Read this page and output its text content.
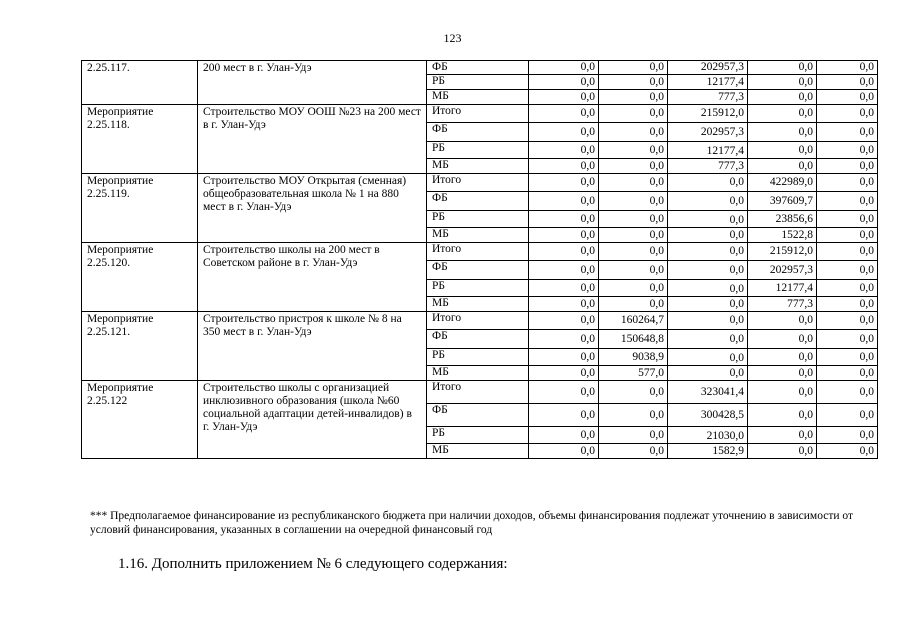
123
2.25.117.	200 мест в г. Улан-Удэ	ФБ	0,0	0,0	202957,3	0,0	0,0
		РБ	0,0	0,0	12177,4	0,0	0,0
		МБ	0,0	0,0	777,3	0,0	0,0
Мероприятие 2.25.118.	Строительство МОУ ООШ №23 на 200 мест в г. Улан-Удэ	Итого	0,0	0,0	215912,0	0,0	0,0
		ФБ	0,0	0,0	202957,3	0,0	0,0
		РБ	0,0	0,0	12177,4	0,0	0,0
		МБ	0,0	0,0	777,3	0,0	0,0
Мероприятие 2.25.119.	Строительство МОУ Открытая (сменная) общеобразовательная школа № 1 на 880 мест в г. Улан-Удэ	Итого	0,0	0,0	0,0	422989,0	0,0
		ФБ	0,0	0,0	0,0	397609,7	0,0
		РБ	0,0	0,0	0,0	23856,6	0,0
		МБ	0,0	0,0	0,0	1522,8	0,0
Мероприятие 2.25.120.	Строительство школы на 200 мест в Советском районе в г. Улан-Удэ	Итого	0,0	0,0	0,0	215912,0	0,0
		ФБ	0,0	0,0	0,0	202957,3	0,0
		РБ	0,0	0,0	0,0	12177,4	0,0
		МБ	0,0	0,0	0,0	777,3	0,0
Мероприятие 2.25.121.	Строительство пристроя к школе № 8 на 350 мест в г. Улан-Удэ	Итого	0,0	160264,7	0,0	0,0	0,0
		ФБ	0,0	150648,8	0,0	0,0	0,0
		РБ	0,0	9038,9	0,0	0,0	0,0
		МБ	0,0	577,0	0,0	0,0	0,0
Мероприятие 2.25.122	Строительство школы с организацией инклюзивного образования (школа №60 социальной адаптации детей-инвалидов) в г. Улан-Удэ	Итого	0,0	0,0	323041,4	0,0	0,0
		ФБ	0,0	0,0	300428,5	0,0	0,0
		РБ	0,0	0,0	21030,0	0,0	0,0
		МБ	0,0	0,0	1582,9	0,0	0,0
*** Предполагаемое финансирование из республиканского бюджета при наличии доходов, объемы финансирования подлежат уточнению в зависимости от условий финансирования, указанных в соглашении на очередной финансовый год
1.16. Дополнить приложением № 6 следующего содержания:
